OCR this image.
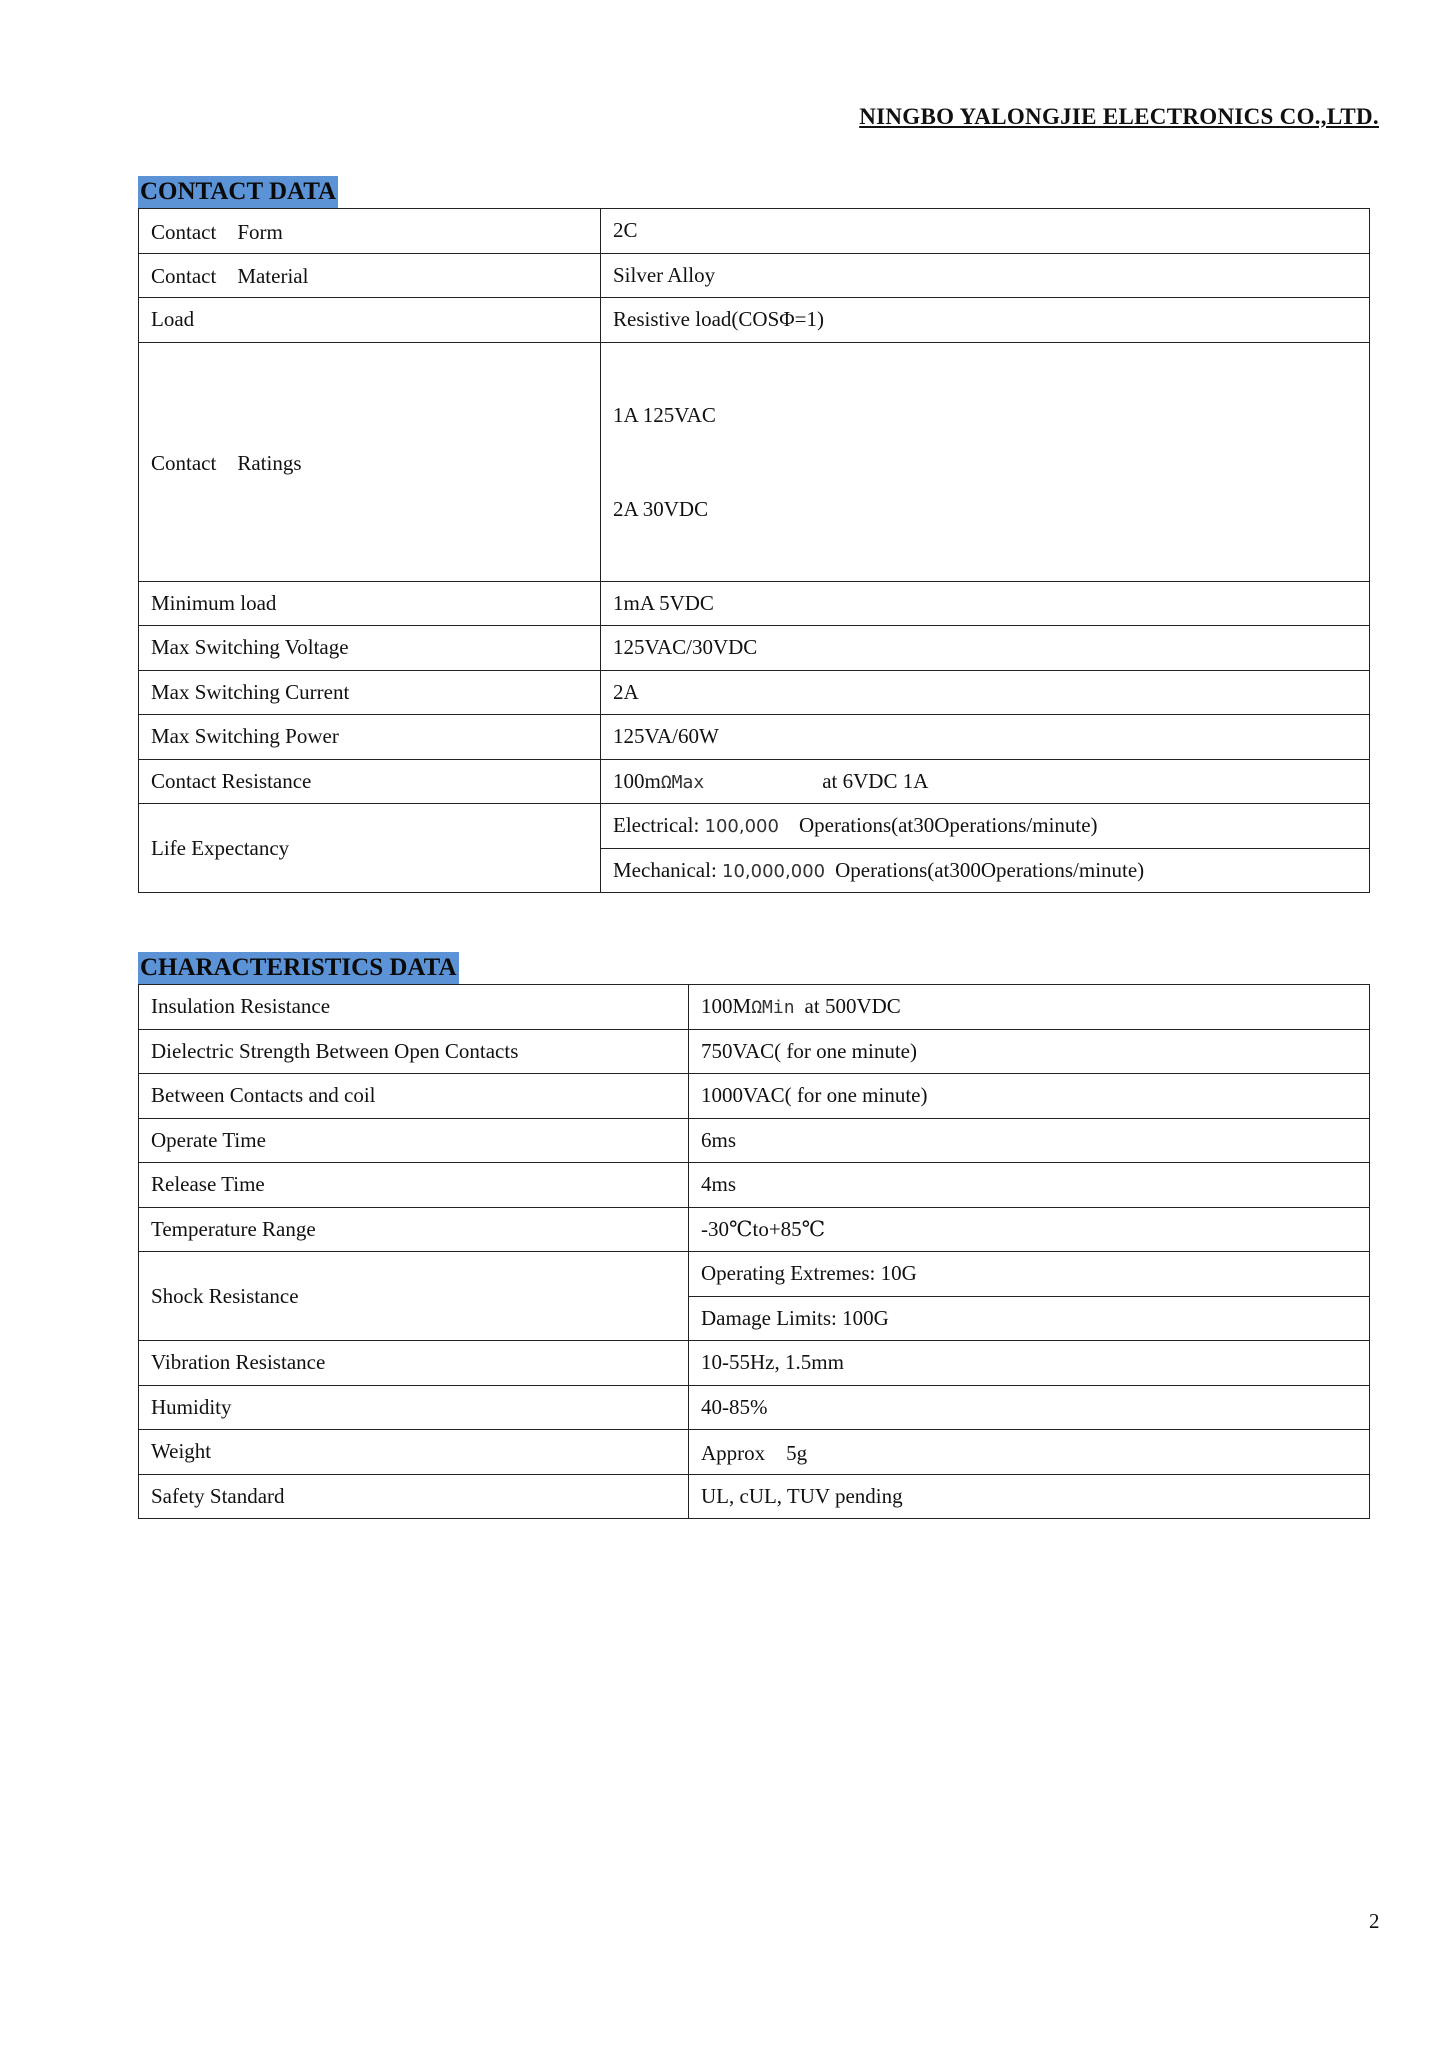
NINGBO YALONGJIE ELECTRONICS CO.,LTD.
CONTACT DATA
Contact　Form	2C
Contact　Material	Silver Alloy
Load	Resistive load(COSΦ=1)
Contact　Ratings	1A 125VAC

2A 30VDC

Minimum load	1mA 5VDC
Max Switching Voltage	125VAC/30VDC
Max Switching Current	2A
Max Switching Power	125VA/60W
Contact Resistance	100mΩMax at 6VDC 1A
Life Expectancy	Electrical: 100,000 Operations(at30Operations/minute)
	Mechanical: 10,000,000 Operations(at300Operations/minute)
CHARACTERISTICS DATA
Insulation Resistance	100MΩMin at 500VDC
Dielectric Strength Between Open Contacts	750VAC( for one minute)
Between Contacts and coil	1000VAC( for one minute)
Operate Time	6ms
Release Time	4ms
Temperature Range	-30℃to+85℃
Shock Resistance	Operating Extremes: 10G
	Damage Limits: 100G
Vibration Resistance	10-55Hz, 1.5mm
Humidity	40-85%
Weight	Approx　5g
Safety Standard	UL, cUL, TUV pending
2
